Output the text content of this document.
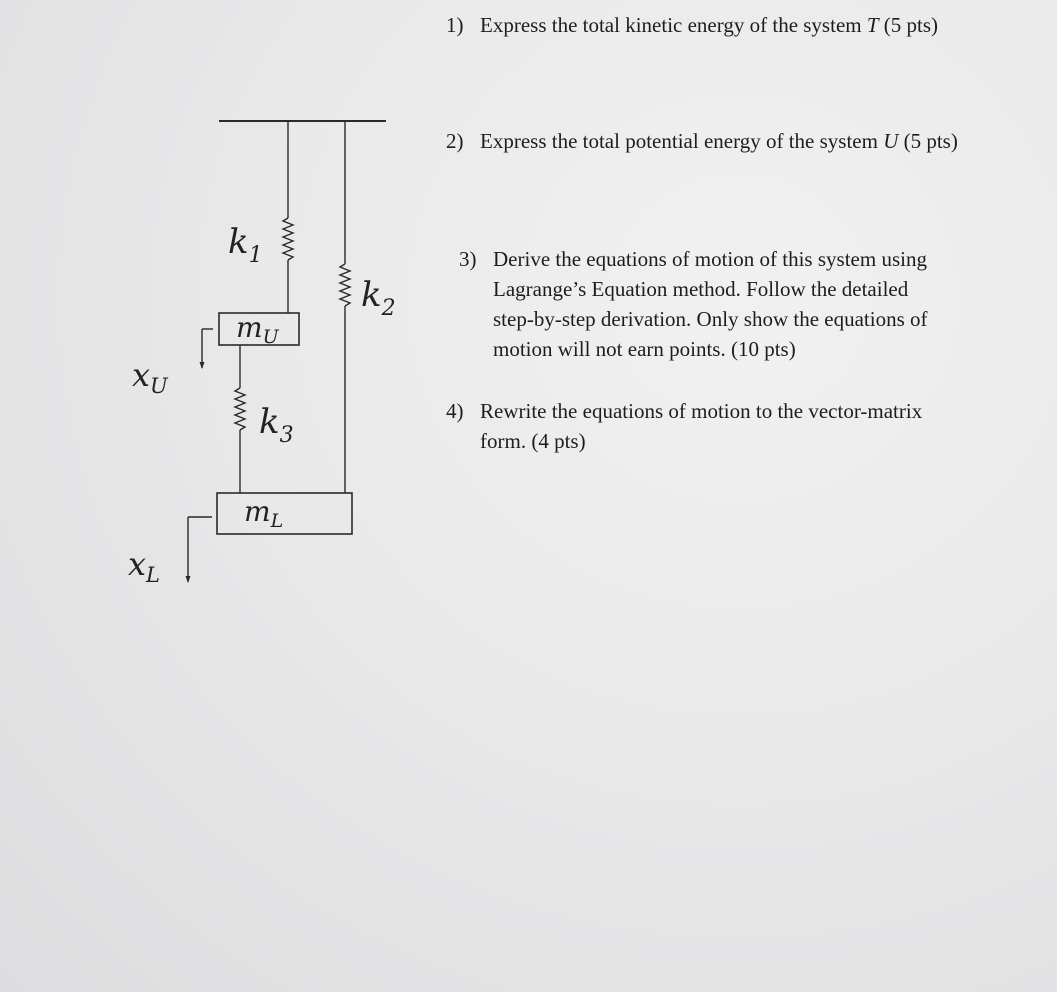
$k_1$
$k_2$
$k_3$
$m_U$
$m_L$
$x_U$
$x_L$
1) Express the total kinetic energy of the system T (5 pts)
2) Express the total potential energy of the system U (5 pts)
3) Derive the equations of motion of this system using Lagrange’s Equation method. Follow the detailed step-by-step derivation. Only show the equations of motion will not earn points. (10 pts)
4) Rewrite the equations of motion to the vector-matrix form. (4 pts)
